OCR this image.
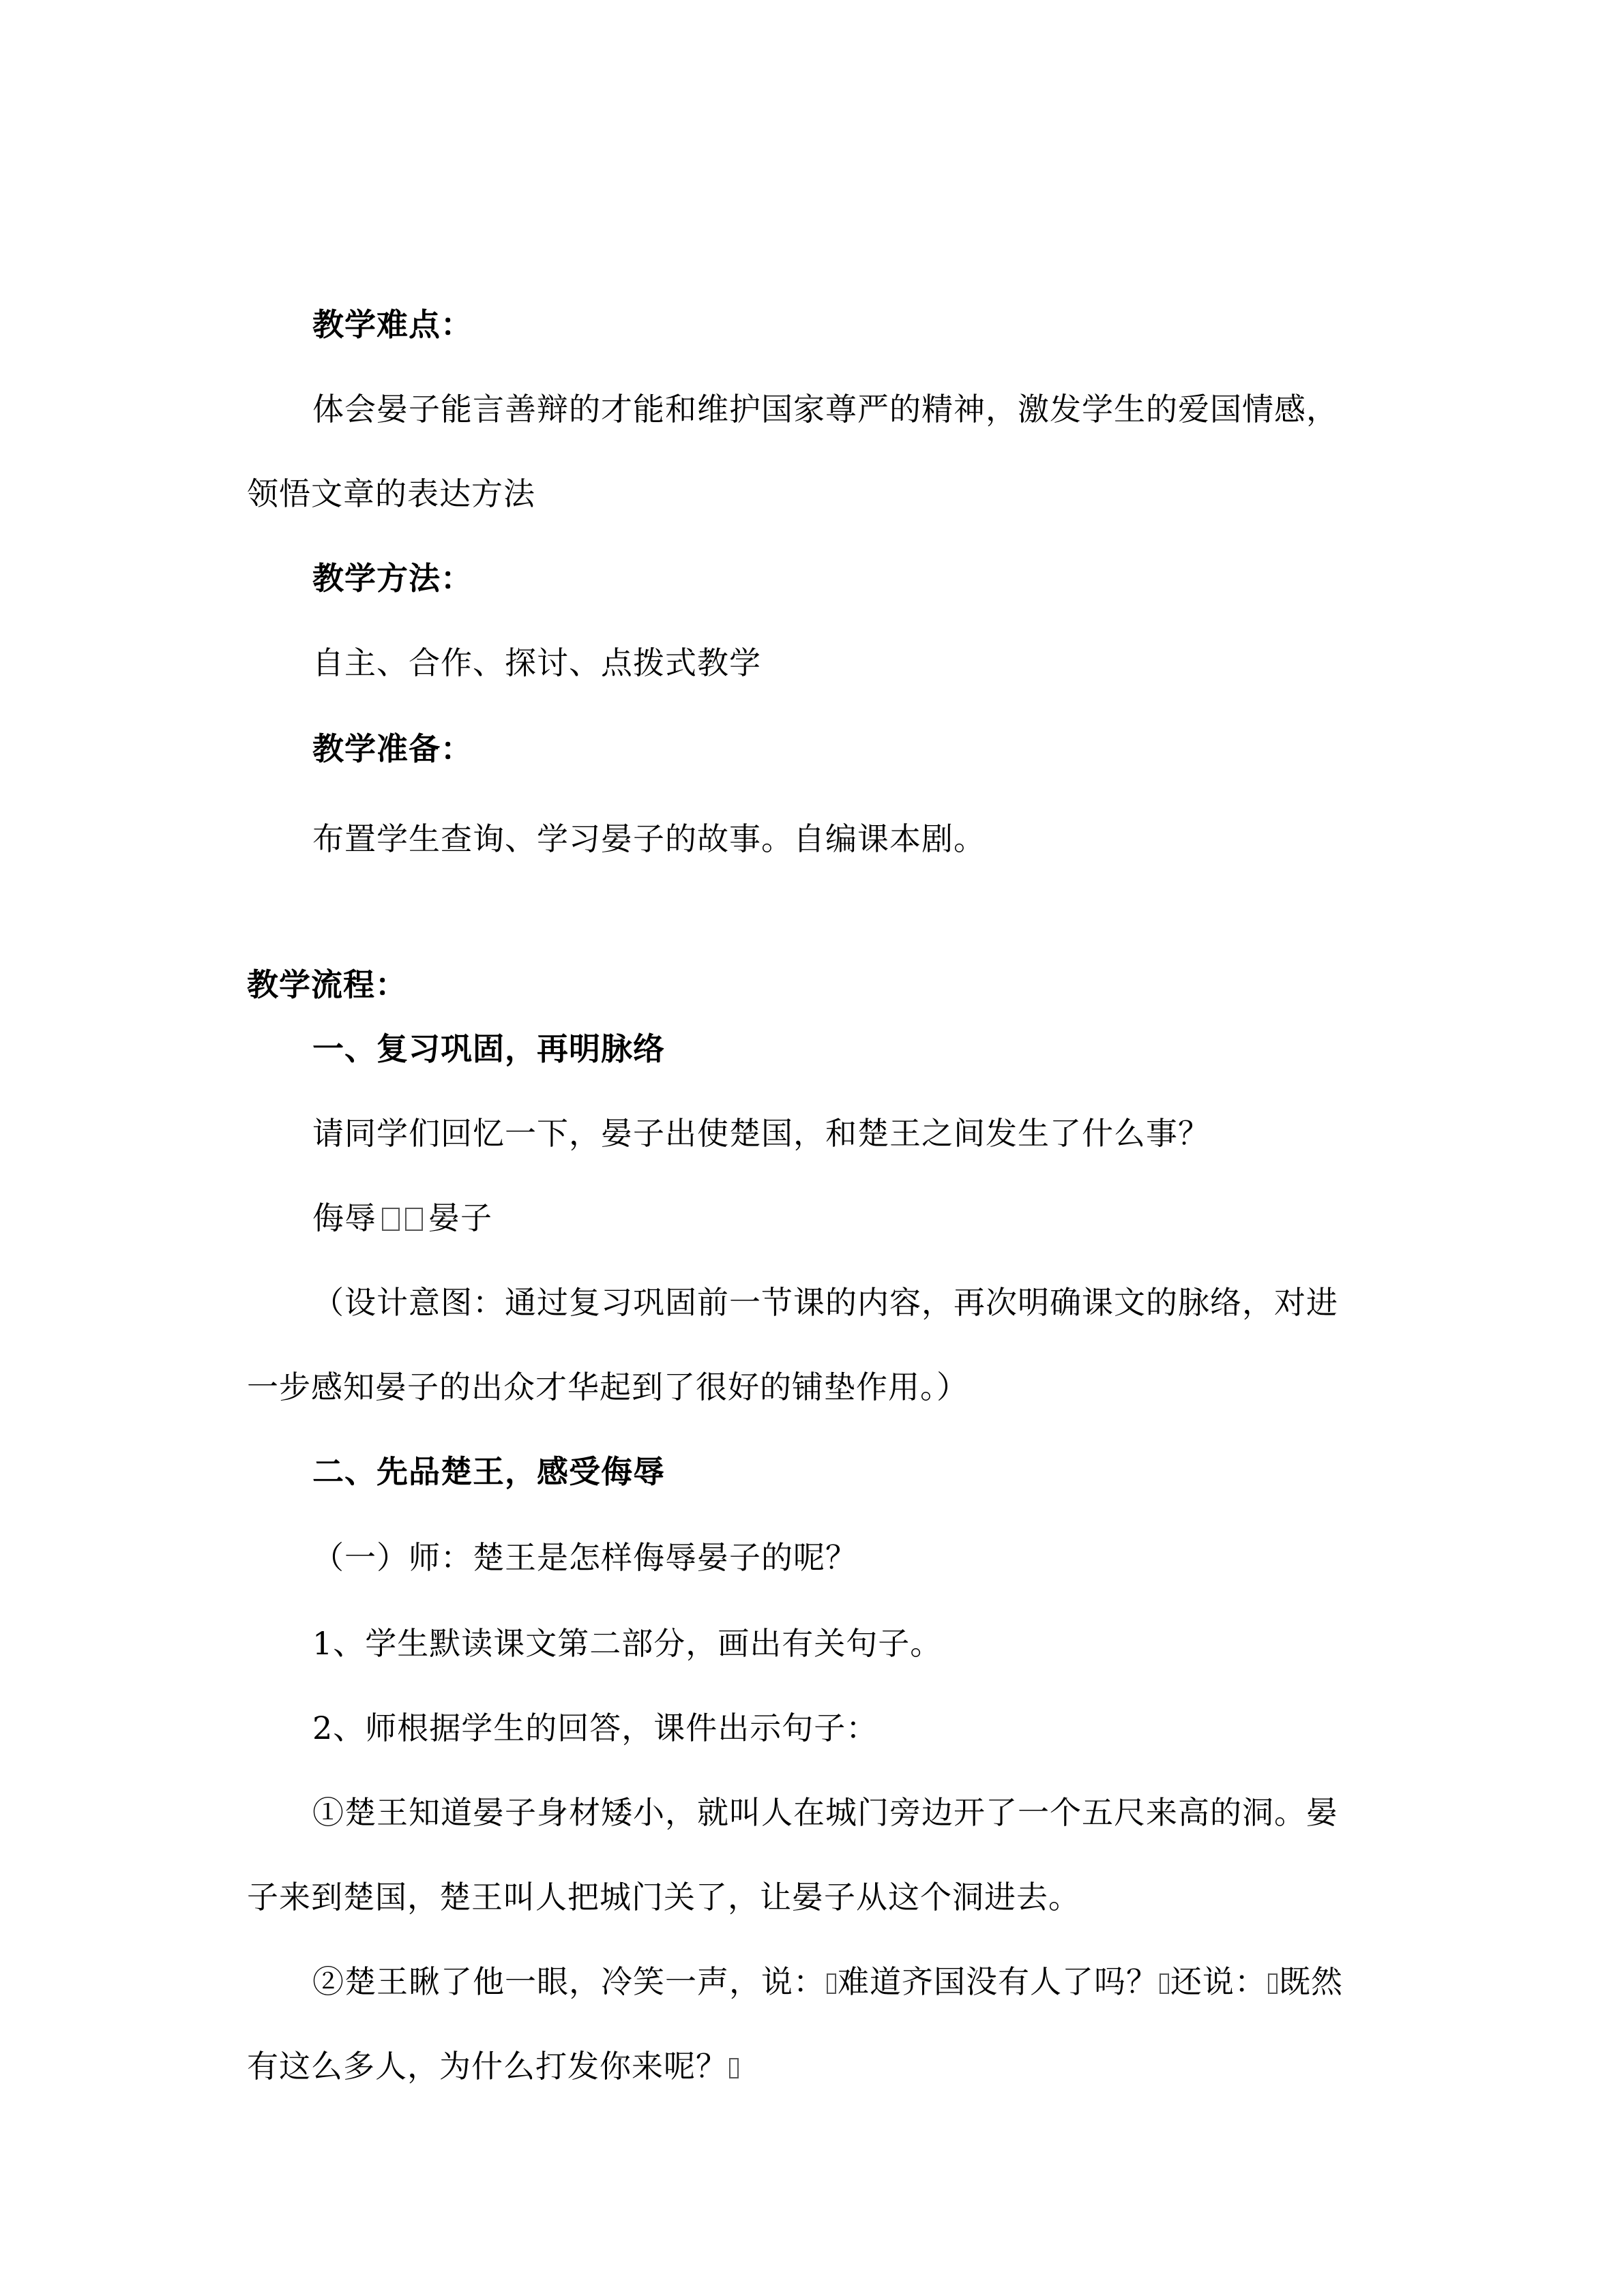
教学难点：
体会晏子能言善辩的才能和维护国家尊严的精神，激发学生的爱国情感，
领悟文章的表达方法
教学方法：
自主、合作、探讨、点拨式教学
教学准备：
布置学生查询、学习晏子的故事。自编课本剧。
教学流程：
一、复习巩固，再明脉络
请同学们回忆一下，晏子出使楚国，和楚王之间发生了什么事？
侮辱 晏子
（设计意图：通过复习巩固前一节课的内容，再次明确课文的脉络，对进
一步感知晏子的出众才华起到了很好的铺垫作用。）
二、先品楚王，感受侮辱
（一）师：楚王是怎样侮辱晏子的呢？
1、学生默读课文第二部分，画出有关句子。
2、师根据学生的回答，课件出示句子：
①楚王知道晏子身材矮小，就叫人在城门旁边开了一个五尺来高的洞。晏
子来到楚国，楚王叫人把城门关了，让晏子从这个洞进去。
②楚王瞅了他一眼，冷笑一声，说： 难道齐国没有人了吗？ 还说： 既然
有这么多人，为什么打发你来呢？
